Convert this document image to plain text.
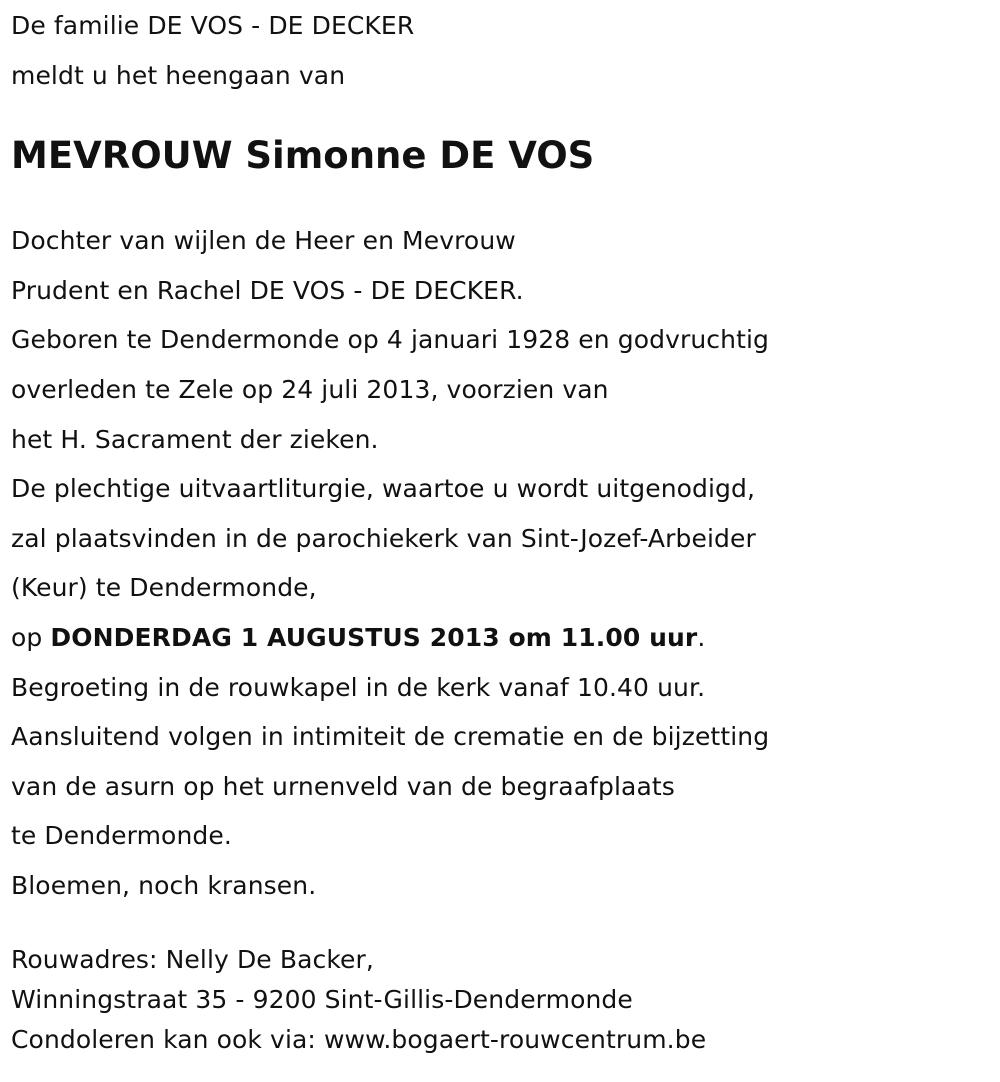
De familie DE VOS - DE DECKER
meldt u het heengaan van
MEVROUW Simonne DE VOS
Dochter van wijlen de Heer en Mevrouw
Prudent en Rachel DE VOS - DE DECKER.
Geboren te Dendermonde op 4 januari 1928 en godvruchtig
overleden te Zele op 24 juli 2013, voorzien van
het H. Sacrament der zieken.
De plechtige uitvaartliturgie, waartoe u wordt uitgenodigd,
zal plaatsvinden in de parochiekerk van Sint-Jozef-Arbeider
(Keur) te Dendermonde,
op DONDERDAG 1 AUGUSTUS 2013 om 11.00 uur.
Begroeting in de rouwkapel in de kerk vanaf 10.40 uur.
Aansluitend volgen in intimiteit de crematie en de bijzetting
van de asurn op het urnenveld van de begraafplaats
te Dendermonde.
Bloemen, noch kransen.
Rouwadres: Nelly De Backer,
Winningstraat 35 - 9200 Sint-Gillis-Dendermonde
Condoleren kan ook via: www.bogaert-rouwcentrum.be
